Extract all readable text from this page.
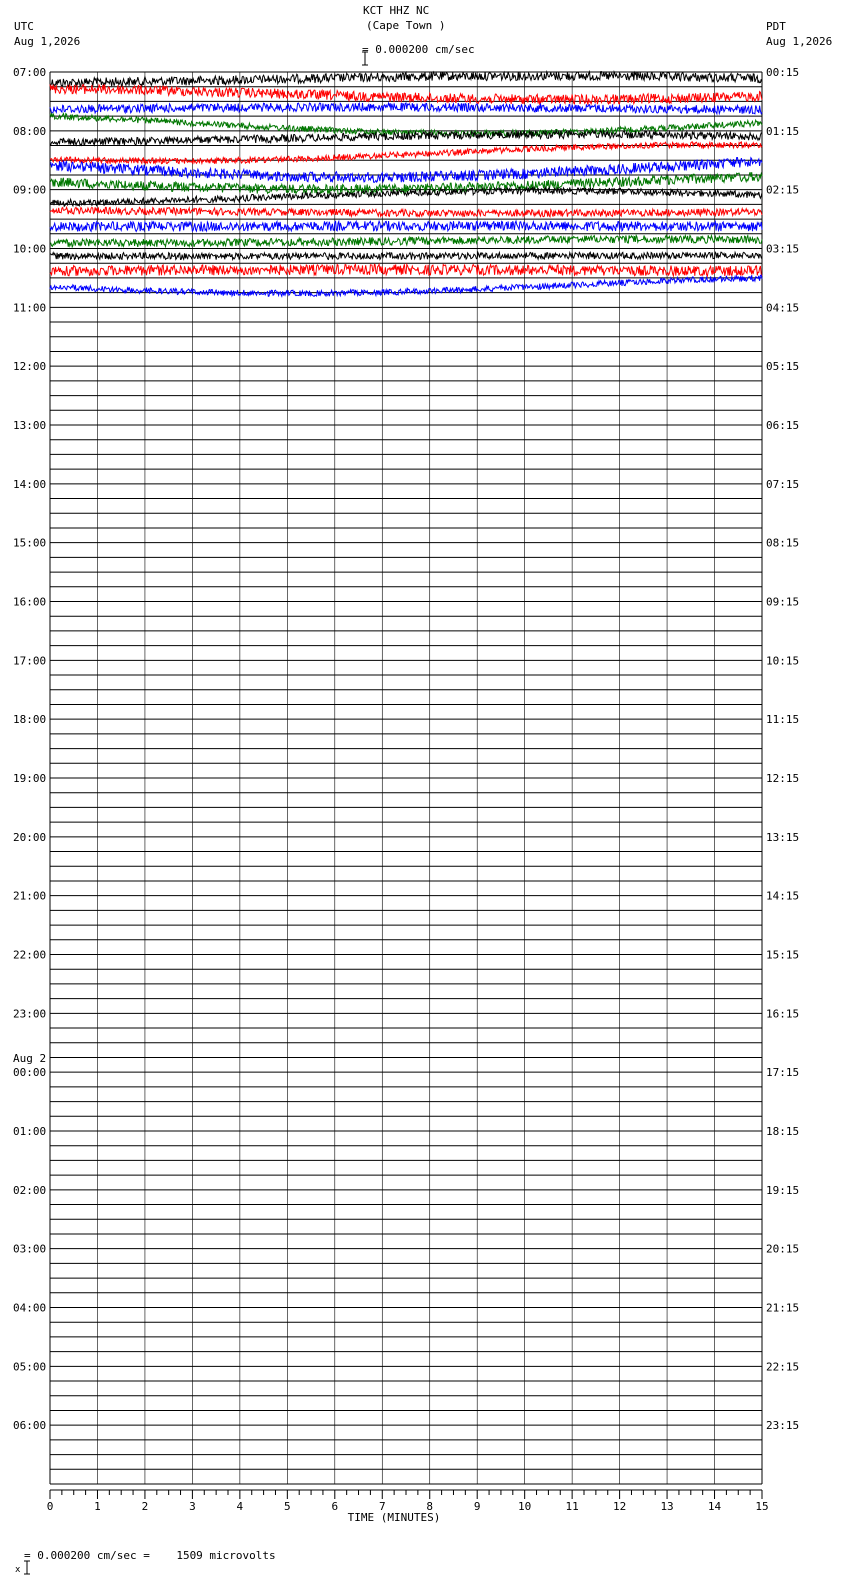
KCT HHZ NC
(Cape Town )

= 0.000200 cm/sec
UTC
Aug 1,2026
PDT
Aug 1,2026
07:00	00:15
08:00	01:15
09:00	02:15
10:00	03:15
11:00	04:15
12:00	05:15
13:00	06:15
14:00	07:15
15:00	08:15
16:00	09:15
17:00	10:15
18:00	11:15
19:00	12:15
20:00	13:15
21:00	14:15
22:00	15:15
23:00	16:15
00:00	17:15
01:00	18:15
02:00	19:15
03:00	20:15
04:00	21:15
05:00	22:15
06:00	23:15
Aug 2
0	1	2	3	4	5	6	7	8	9	10	11	12	13	14	15
TIME (MINUTES)

x

= 0.000200 cm/sec =    1509 microvolts
